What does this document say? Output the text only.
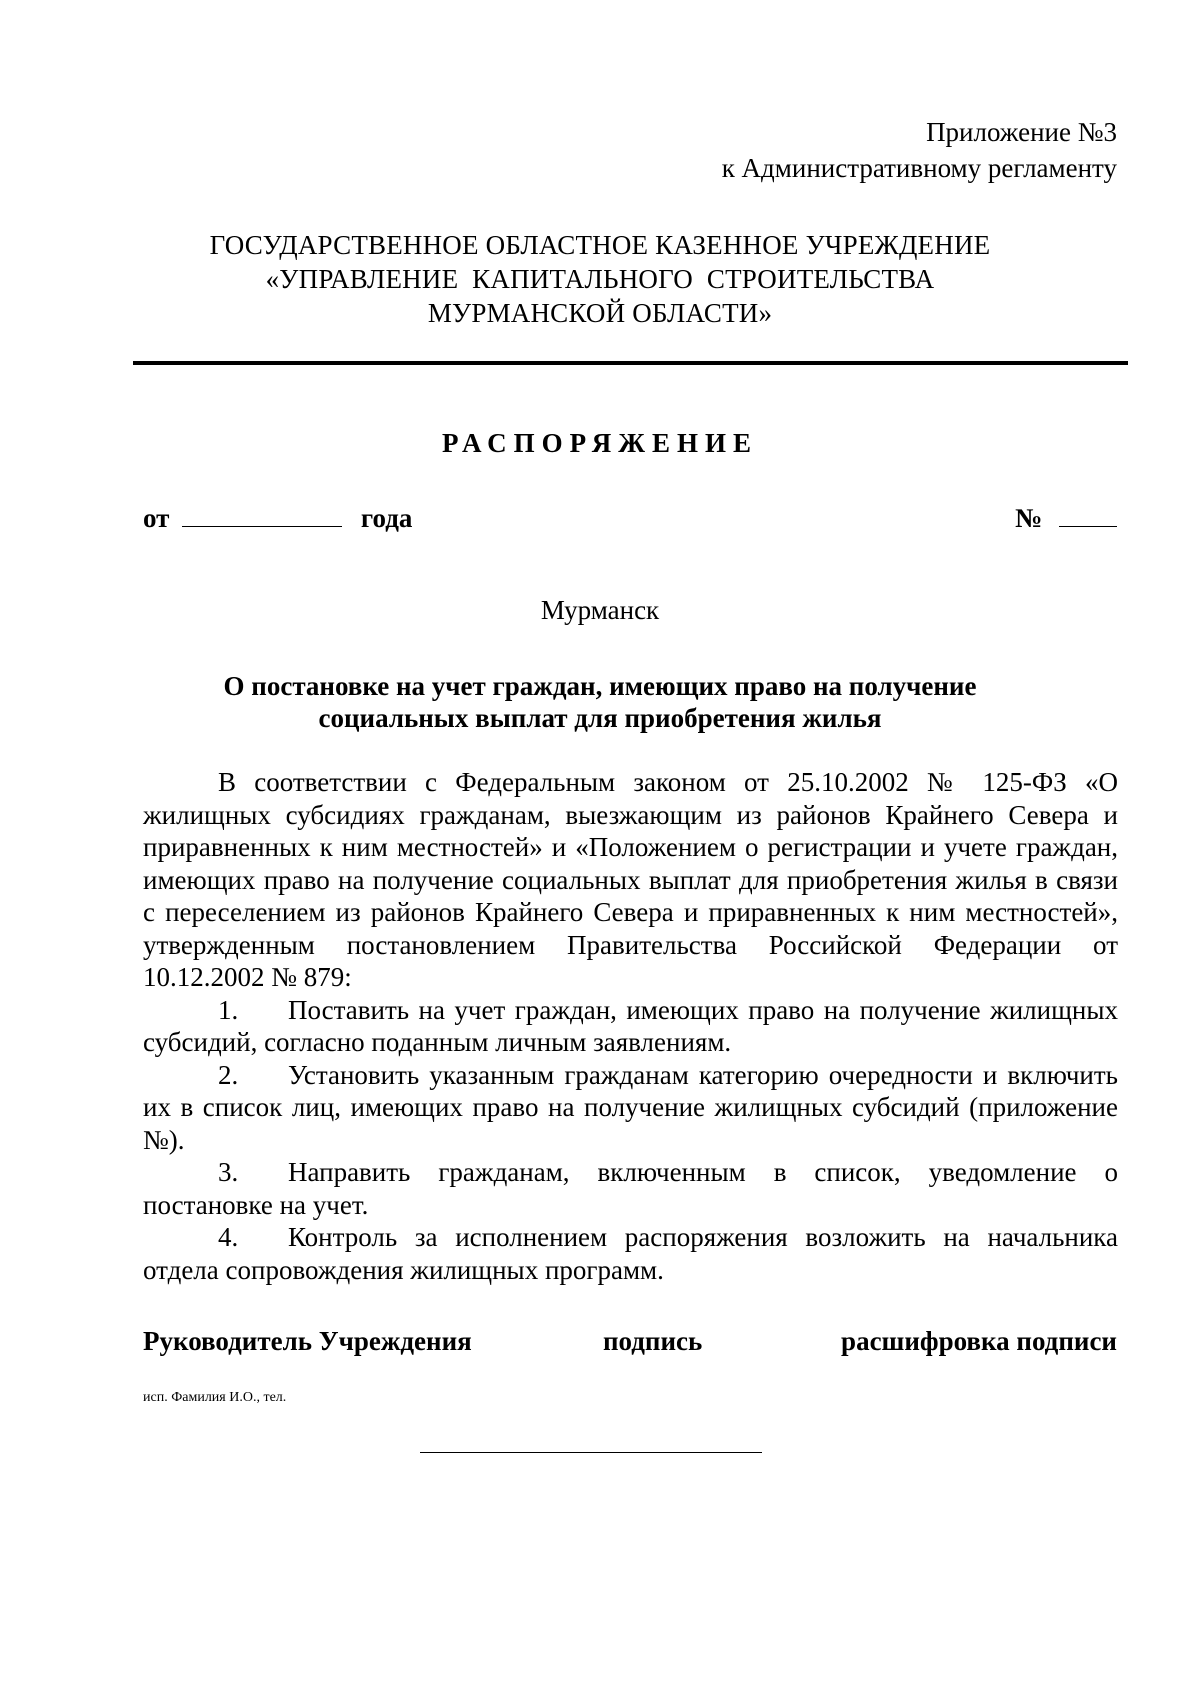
Приложение №3
к Административному регламенту
ГОСУДАРСТВЕННОЕ ОБЛАСТНОЕ КАЗЕННОЕ УЧРЕЖДЕНИЕ
«УПРАВЛЕНИЕ  КАПИТАЛЬНОГО  СТРОИТЕЛЬСТВА
МУРМАНСКОЙ ОБЛАСТИ»
РАСПОРЯЖЕНИЕ
от	года	№
Мурманск
О постановке на учет граждан, имеющих право на получение
социальных выплат для приобретения жилья

В соответствии с Федеральным законом от 25.10.2002 № 125-ФЗ «О жилищных субсидиях гражданам, выезжающим из районов Крайнего Севера и приравненных к ним местностей» и «Положением о регистрации и учете граждан, имеющих право на получение социальных выплат для приобретения жилья в связи с переселением из районов Крайнего Севера и приравненных к ним местностей», утвержденным постановлением Правительства Российской Федерации от 10.12.2002 № 879:

1. Поставить на учет граждан, имеющих право на получение жилищных субсидий, согласно поданным личным заявлениям.
2. Установить указанным гражданам категорию очередности и включить их в список лиц, имеющих право на получение жилищных субсидий (приложение №).
3. Направить гражданам, включенным в список, уведомление о постановке на учет.
4. Контроль за исполнением распоряжения возложить на начальника отдела сопровождения жилищных программ.
Руководитель Учреждения	подпись	расшифровка подписи
исп. Фамилия И.О., тел.
